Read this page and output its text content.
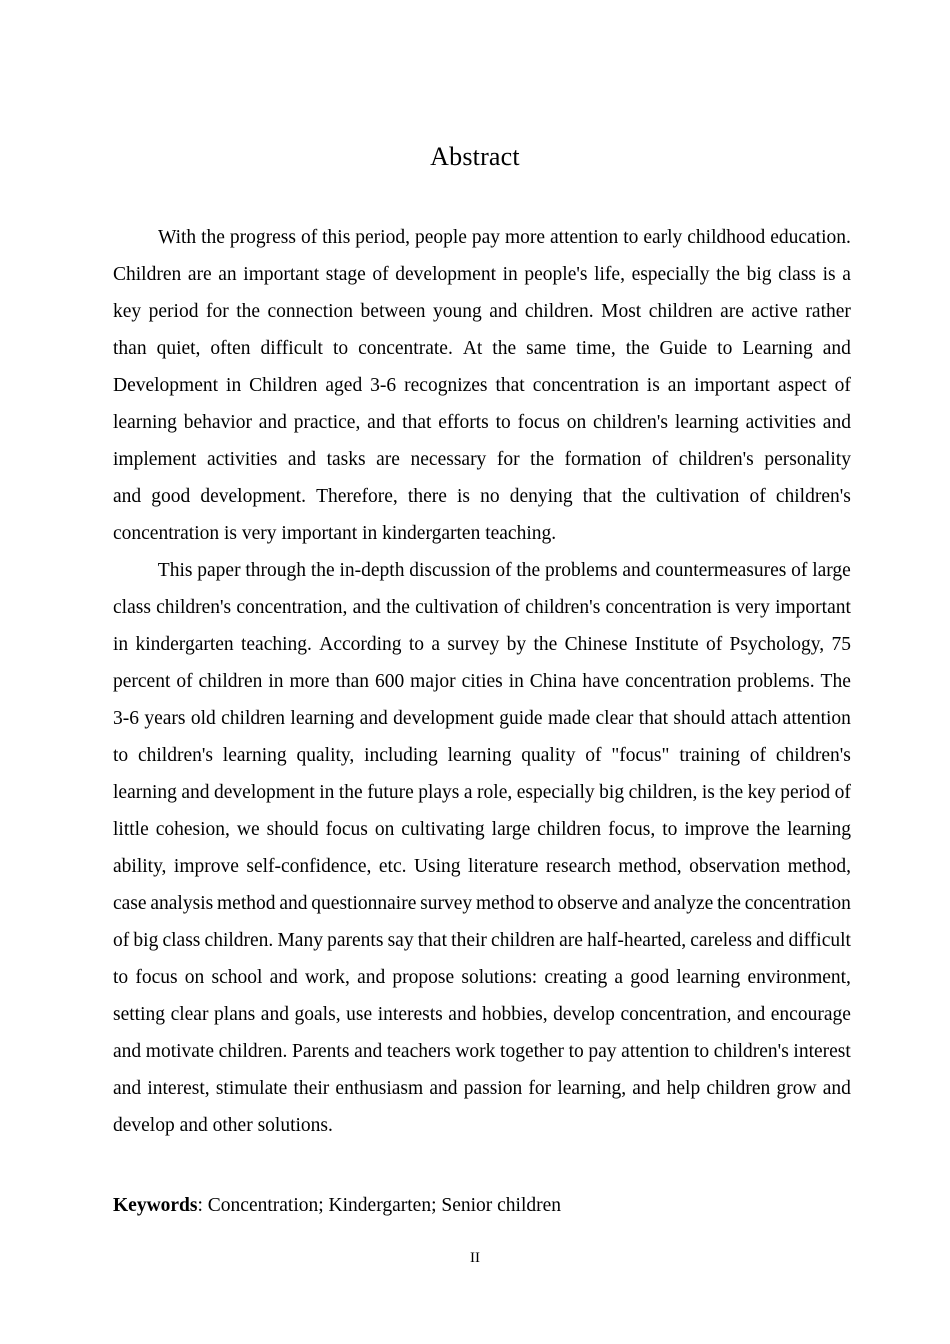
Abstract
With the progress of this period, people pay more attention to early childhood education.
Children are an important stage of development in people's life, especially the big class is a
key period for the connection between young and children. Most children are active rather
than quiet, often difficult to concentrate. At the same time, the Guide to Learning and
Development in Children aged 3-6 recognizes that concentration is an important aspect of
learning behavior and practice, and that efforts to focus on children's learning activities and
implement activities and tasks are necessary for the formation of children's personality
and good development. Therefore, there is no denying that the cultivation of children's
concentration is very important in kindergarten teaching.
This paper through the in-depth discussion of the problems and countermeasures of large
class children's concentration, and the cultivation of children's concentration is very important
in kindergarten teaching. According to a survey by the Chinese Institute of Psychology, 75
percent of children in more than 600 major cities in China have concentration problems. The
3-6 years old children learning and development guide made clear that should attach attention
to children's learning quality, including learning quality of "focus" training of children's
learning and development in the future plays a role, especially big children, is the key period of
little cohesion, we should focus on cultivating large children focus, to improve the learning
ability, improve self-confidence, etc. Using literature research method, observation method,
case analysis method and questionnaire survey method to observe and analyze the concentration
of big class children. Many parents say that their children are half-hearted, careless and difficult
to focus on school and work, and propose solutions: creating a good learning environment,
setting clear plans and goals, use interests and hobbies, develop concentration, and encourage
and motivate children. Parents and teachers work together to pay attention to children's interest
and interest, stimulate their enthusiasm and passion for learning, and help children grow and
develop and other solutions.
Keywords: Concentration; Kindergarten; Senior children
II
